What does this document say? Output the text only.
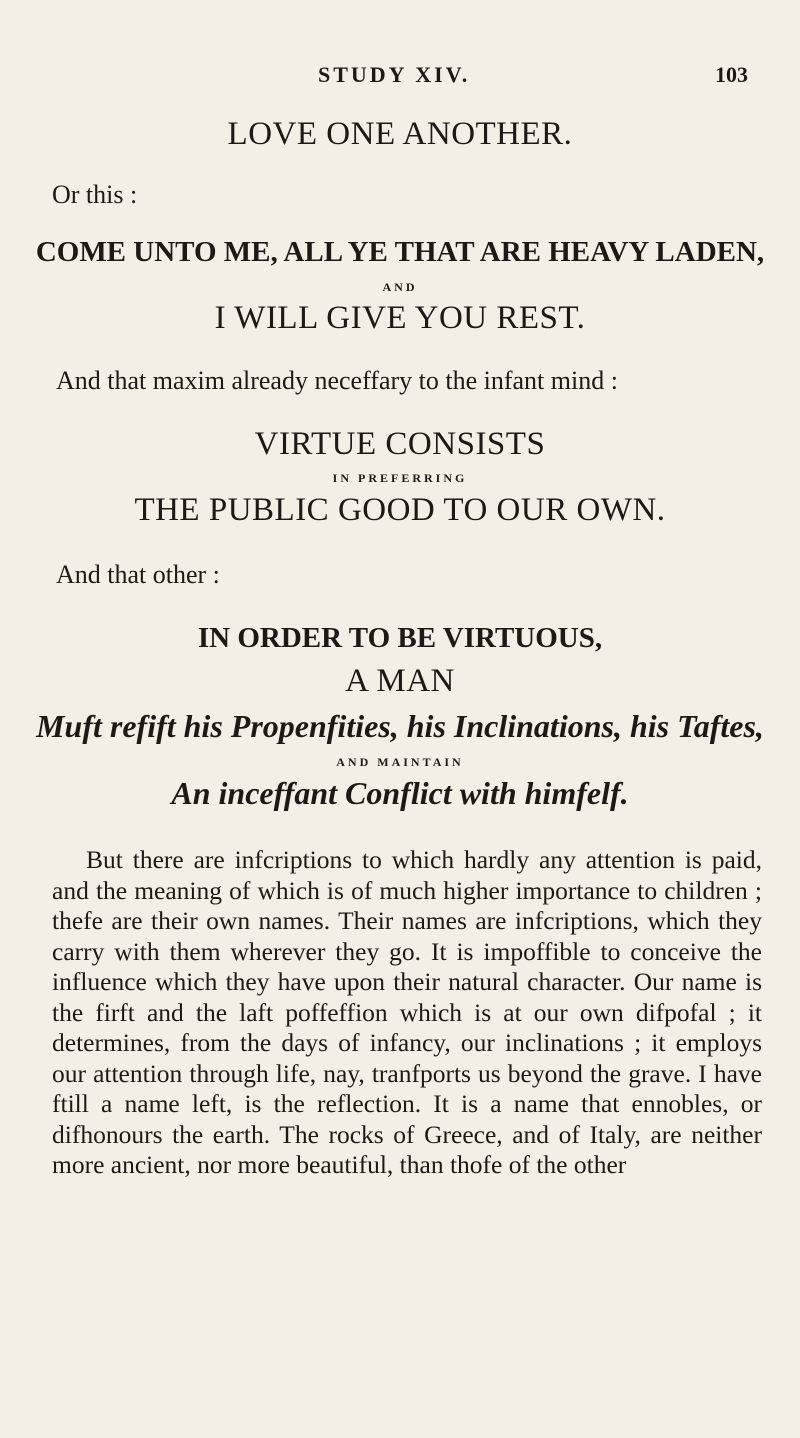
STUDY XIV.	103
LOVE ONE ANOTHER.
Or this :
COME UNTO ME, ALL YE THAT ARE HEAVY LADEN,
AND
I WILL GIVE YOU REST.
And that maxim already neceffary to the infant mind :
VIRTUE CONSISTS
IN PREFERRING
THE PUBLIC GOOD TO OUR OWN.
And that other :
IN ORDER TO BE VIRTUOUS,
A MAN
Muft refift his Propenfities, his Inclinations, his Taftes,
AND MAINTAIN
An inceffant Conflict with himfelf.
But there are infcriptions to which hardly any attention is paid, and the meaning of which is of much higher importance to children ; thefe are their own names. Their names are infcriptions, which they carry with them wherever they go. It is impoffible to conceive the influence which they have upon their natural character. Our name is the firft and the laft poffeffion which is at our own difpofal ; it determines, from the days of infancy, our inclinations ; it employs our attention through life, nay, tranfports us beyond the grave. I have ftill a name left, is the reflection. It is a name that ennobles, or difhonours the earth. The rocks of Greece, and of Italy, are neither more ancient, nor more beautiful, than thofe of the other
